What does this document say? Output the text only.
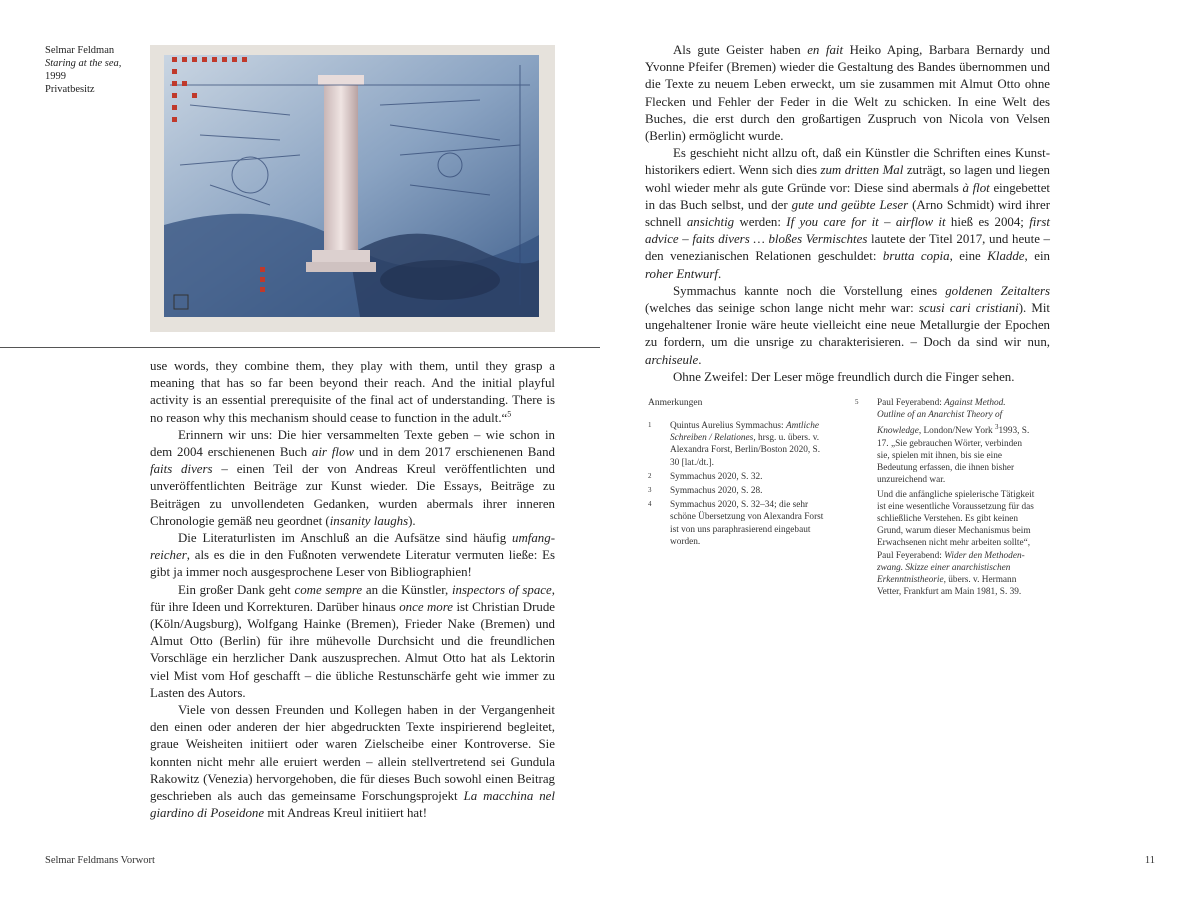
Selmar Feldman
Staring at the sea,
1999
Privatbesitz

use words, they combine them, they play with them, until they grasp a meaning that has so far been beyond their reach. And the initial playful activity is an essential prerequisite of the final act of understanding. There is no reason why this mechanism should cease to function in the adult.“$^5$

Erinnern wir uns: Die hier versammelten Texte geben – wie schon in dem 2004 erschienenen Buch air flow und in dem 2017 erschienenen Band faits divers – einen Teil der von Andreas Kreul veröffentlichten und unveröffentlichten Beiträge zur Kunst wieder. Die Essays, Beiträge zu Beiträgen zu unvollendeten Gedanken, wurden abermals ihrer inneren Chronologie gemäß neu geordnet (insanity laughs).

Die Literaturlisten im Anschluß an die Aufsätze sind häufig umfangreicher, als es die in den Fußnoten verwendete Literatur vermuten ließe: Es gibt ja immer noch ausgesprochene Leser von Bibliographien!

Ein großer Dank geht come sempre an die Künstler, inspectors of space, für ihre Ideen und Korrekturen. Darüber hinaus once more ist Christian Drude (Köln/Augsburg), Wolfgang Hainke (Bremen), Frieder Nake (Bremen) und Almut Otto (Berlin) für ihre mühevolle Durchsicht und die freundlichen Vorschläge ein herzlicher Dank auszusprechen. Almut Otto hat als Lektorin viel Mist vom Hof geschafft – die übliche Restunschärfe geht wie immer zu Lasten des Autors.

Viele von dessen Freunden und Kollegen haben in der Vergangenheit den einen oder anderen der hier abgedruckten Texte inspirierend begleitet, graue Weisheiten initiiert oder waren Zielscheibe einer Kontroverse. Sie konnten nicht mehr alle eruiert werden – allein stellvertretend sei Gundula Rakowitz (Venezia) hervorgehoben, die für dieses Buch sowohl einen Beitrag geschrieben als auch das gemeinsame Forschungsprojekt La macchina nel giardino di Poseidone mit Andreas Kreul initiiert hat!

Selmar Feldmans Vorwort

Als gute Geister haben en fait Heiko Aping, Barbara Bernardy und Yvonne Pfeifer (Bremen) wieder die Gestaltung des Bandes übernommen und die Texte zu neuem Leben erweckt, um sie zusammen mit Almut Otto ohne Flecken und Fehler der Feder in die Welt zu schicken. In eine Welt des Buches, die erst durch den großartigen Zuspruch von Nicola von Velsen (Berlin) ermöglicht wurde.

Es geschieht nicht allzu oft, daß ein Künstler die Schriften eines Kunsthistorikers ediert. Wenn sich dies zum dritten Mal zuträgt, so lagen und liegen wohl wieder mehr als gute Gründe vor: Diese sind abermals à flot eingebettet in das Buch selbst, und der gute und geübte Leser (Arno Schmidt) wird ihrer schnell ansichtig werden: If you care for it – airflow it hieß es 2004; first advice – faits divers … bloßes Vermischtes lautete der Titel 2017, und heute – den venezianischen Relationen geschuldet: brutta copia, eine Kladde, ein roher Entwurf.

Symmachus kannte noch die Vorstellung eines goldenen Zeitalters (welches das seinige schon lange nicht mehr war: scusi cari cristiani). Mit ungehaltener Ironie wäre heute vielleicht eine neue Metallurgie der Epochen zu fordern, um die unsrige zu charakterisieren. – Doch da sind wir nun, archiseule.

Ohne Zweifel: Der Leser möge freundlich durch die Finger sehen.

Anmerkungen
1 Quintus Aurelius Symmachus: Amtliche Schreiben / Relationes, hrsg. u. übers. v. Alexandra Forst, Berlin/Boston 2020, S. 30 [lat./dt.].
2 Symmachus 2020, S. 32.
3 Symmachus 2020, S. 28.
4 Symmachus 2020, S. 32–34; die sehr schöne Übersetzung von Alexandra Forst ist von uns paraphrasierend eingebaut worden.
5 Paul Feyerabend: Against Method. Outline of an Anarchist Theory of Knowledge, London/New York $^3$1993, S. 17. „Sie gebrauchen Wörter, verbinden sie, spielen mit ihnen, bis sie eine Bedeutung erfassen, die ihnen bisher unzureichend war.
Und die anfängliche spielerische Tätigkeit ist eine wesentliche Voraussetzung für das schließliche Verstehen. Es gibt keinen Grund, warum dieser Mechanismus beim Erwachsenen nicht mehr arbeiten sollte“, Paul Feyerabend: Wider den Methodenzwang. Skizze einer anarchistischen Erkenntnistheorie, übers. v. Hermann Vetter, Frankfurt am Main 1981, S. 39.
11
